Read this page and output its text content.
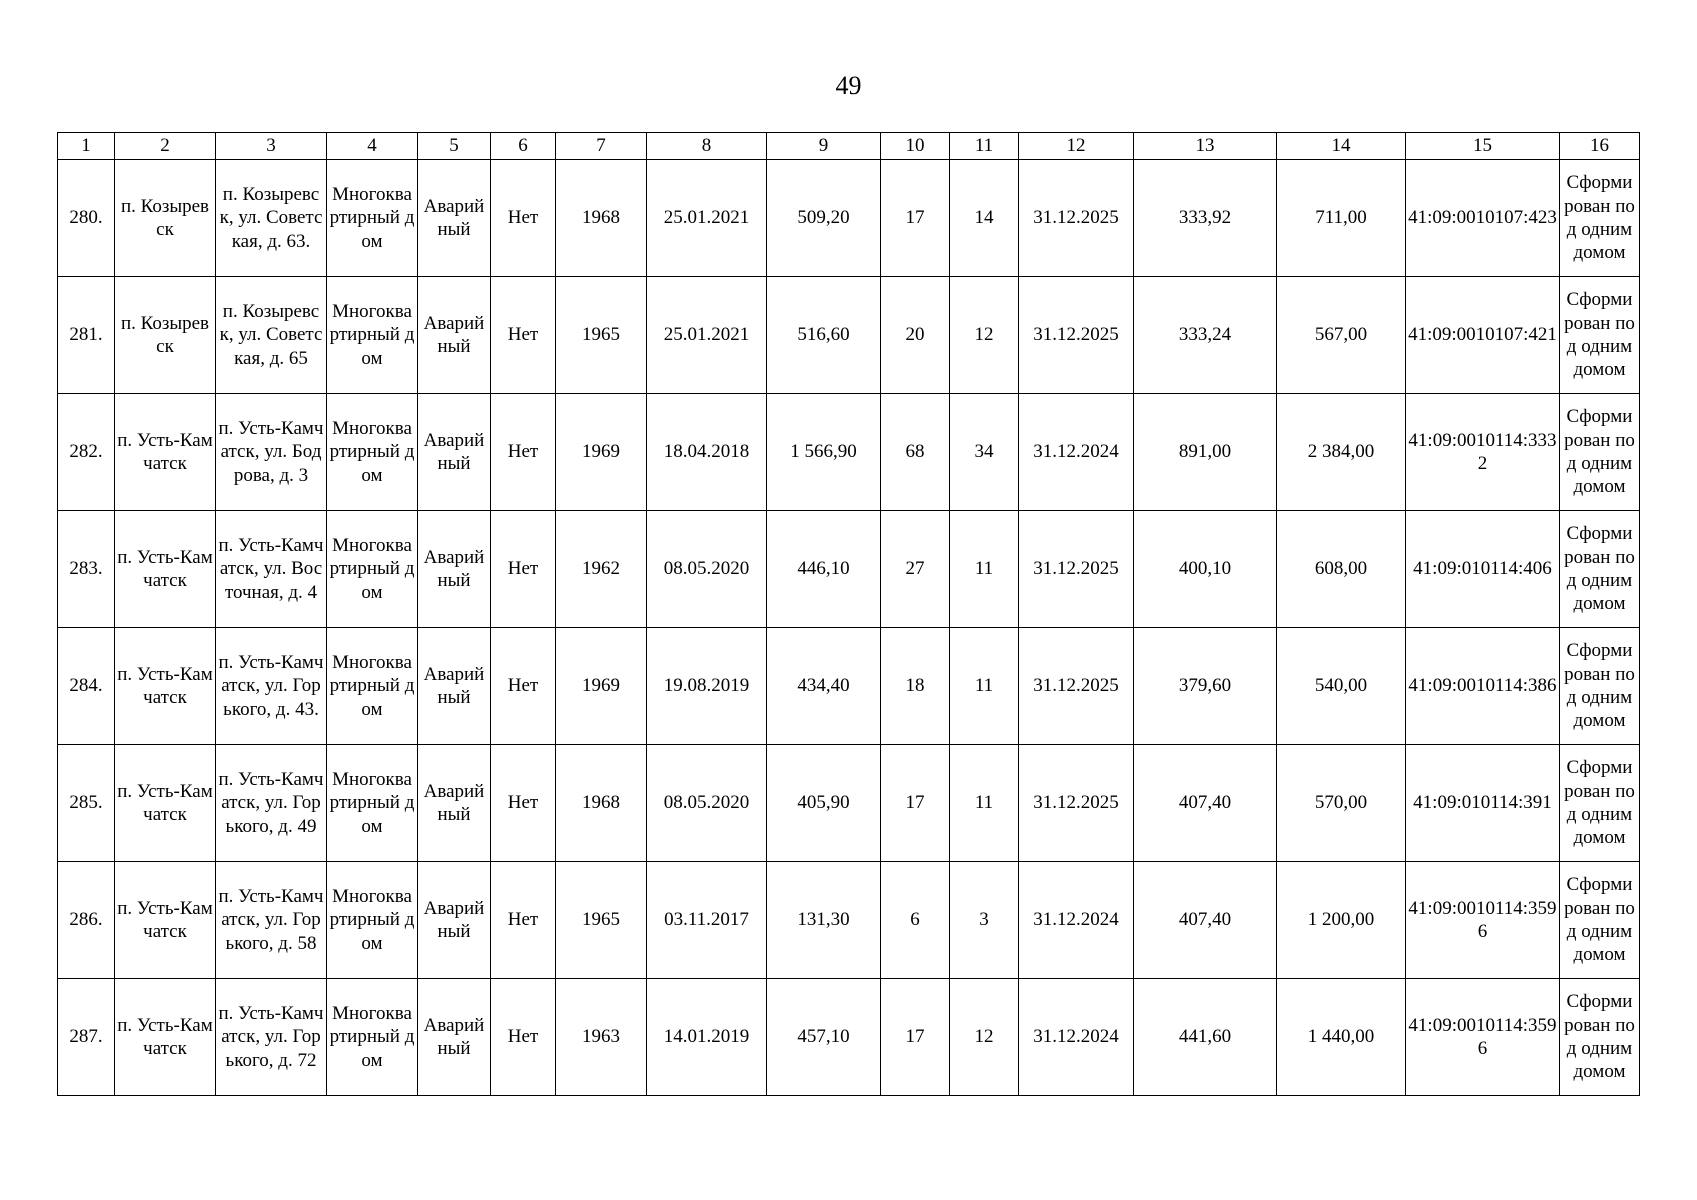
49
1	2	3	4	5	6	7	8	9	10	11	12	13	14	15	16
280.	п. Козыревск	п. Козыревск, ул. Советская, д. 63.	Многоквартирный дом	Аварийный	Нет	1968	25.01.2021	509,20	17	14	31.12.2025	333,92	711,00	41:09:0010107:423	Сформирован под одним домом
281.	п. Козыревск	п. Козыревск, ул. Советская, д. 65	Многоквартирный дом	Аварийный	Нет	1965	25.01.2021	516,60	20	12	31.12.2025	333,24	567,00	41:09:0010107:421	Сформирован под одним домом
282.	п. Усть-Камчатск	п. Усть-Камчатск, ул. Бодрова, д. 3	Многоквартирный дом	Аварийный	Нет	1969	18.04.2018	1 566,90	68	34	31.12.2024	891,00	2 384,00	41:09:0010114:3332	Сформирован под одним домом
283.	п. Усть-Камчатск	п. Усть-Камчатск, ул. Восточная, д. 4	Многоквартирный дом	Аварийный	Нет	1962	08.05.2020	446,10	27	11	31.12.2025	400,10	608,00	41:09:010114:406	Сформирован под одним домом
284.	п. Усть-Камчатск	п. Усть-Камчатск, ул. Горького, д. 43.	Многоквартирный дом	Аварийный	Нет	1969	19.08.2019	434,40	18	11	31.12.2025	379,60	540,00	41:09:0010114:386	Сформирован под одним домом
285.	п. Усть-Камчатск	п. Усть-Камчатск, ул. Горького, д. 49	Многоквартирный дом	Аварийный	Нет	1968	08.05.2020	405,90	17	11	31.12.2025	407,40	570,00	41:09:010114:391	Сформирован под одним домом
286.	п. Усть-Камчатск	п. Усть-Камчатск, ул. Горького, д. 58	Многоквартирный дом	Аварийный	Нет	1965	03.11.2017	131,30	6	3	31.12.2024	407,40	1 200,00	41:09:0010114:3596	Сформирован под одним домом
287.	п. Усть-Камчатск	п. Усть-Камчатск, ул. Горького, д. 72	Многоквартирный дом	Аварийный	Нет	1963	14.01.2019	457,10	17	12	31.12.2024	441,60	1 440,00	41:09:0010114:3596	Сформирован под одним домом
